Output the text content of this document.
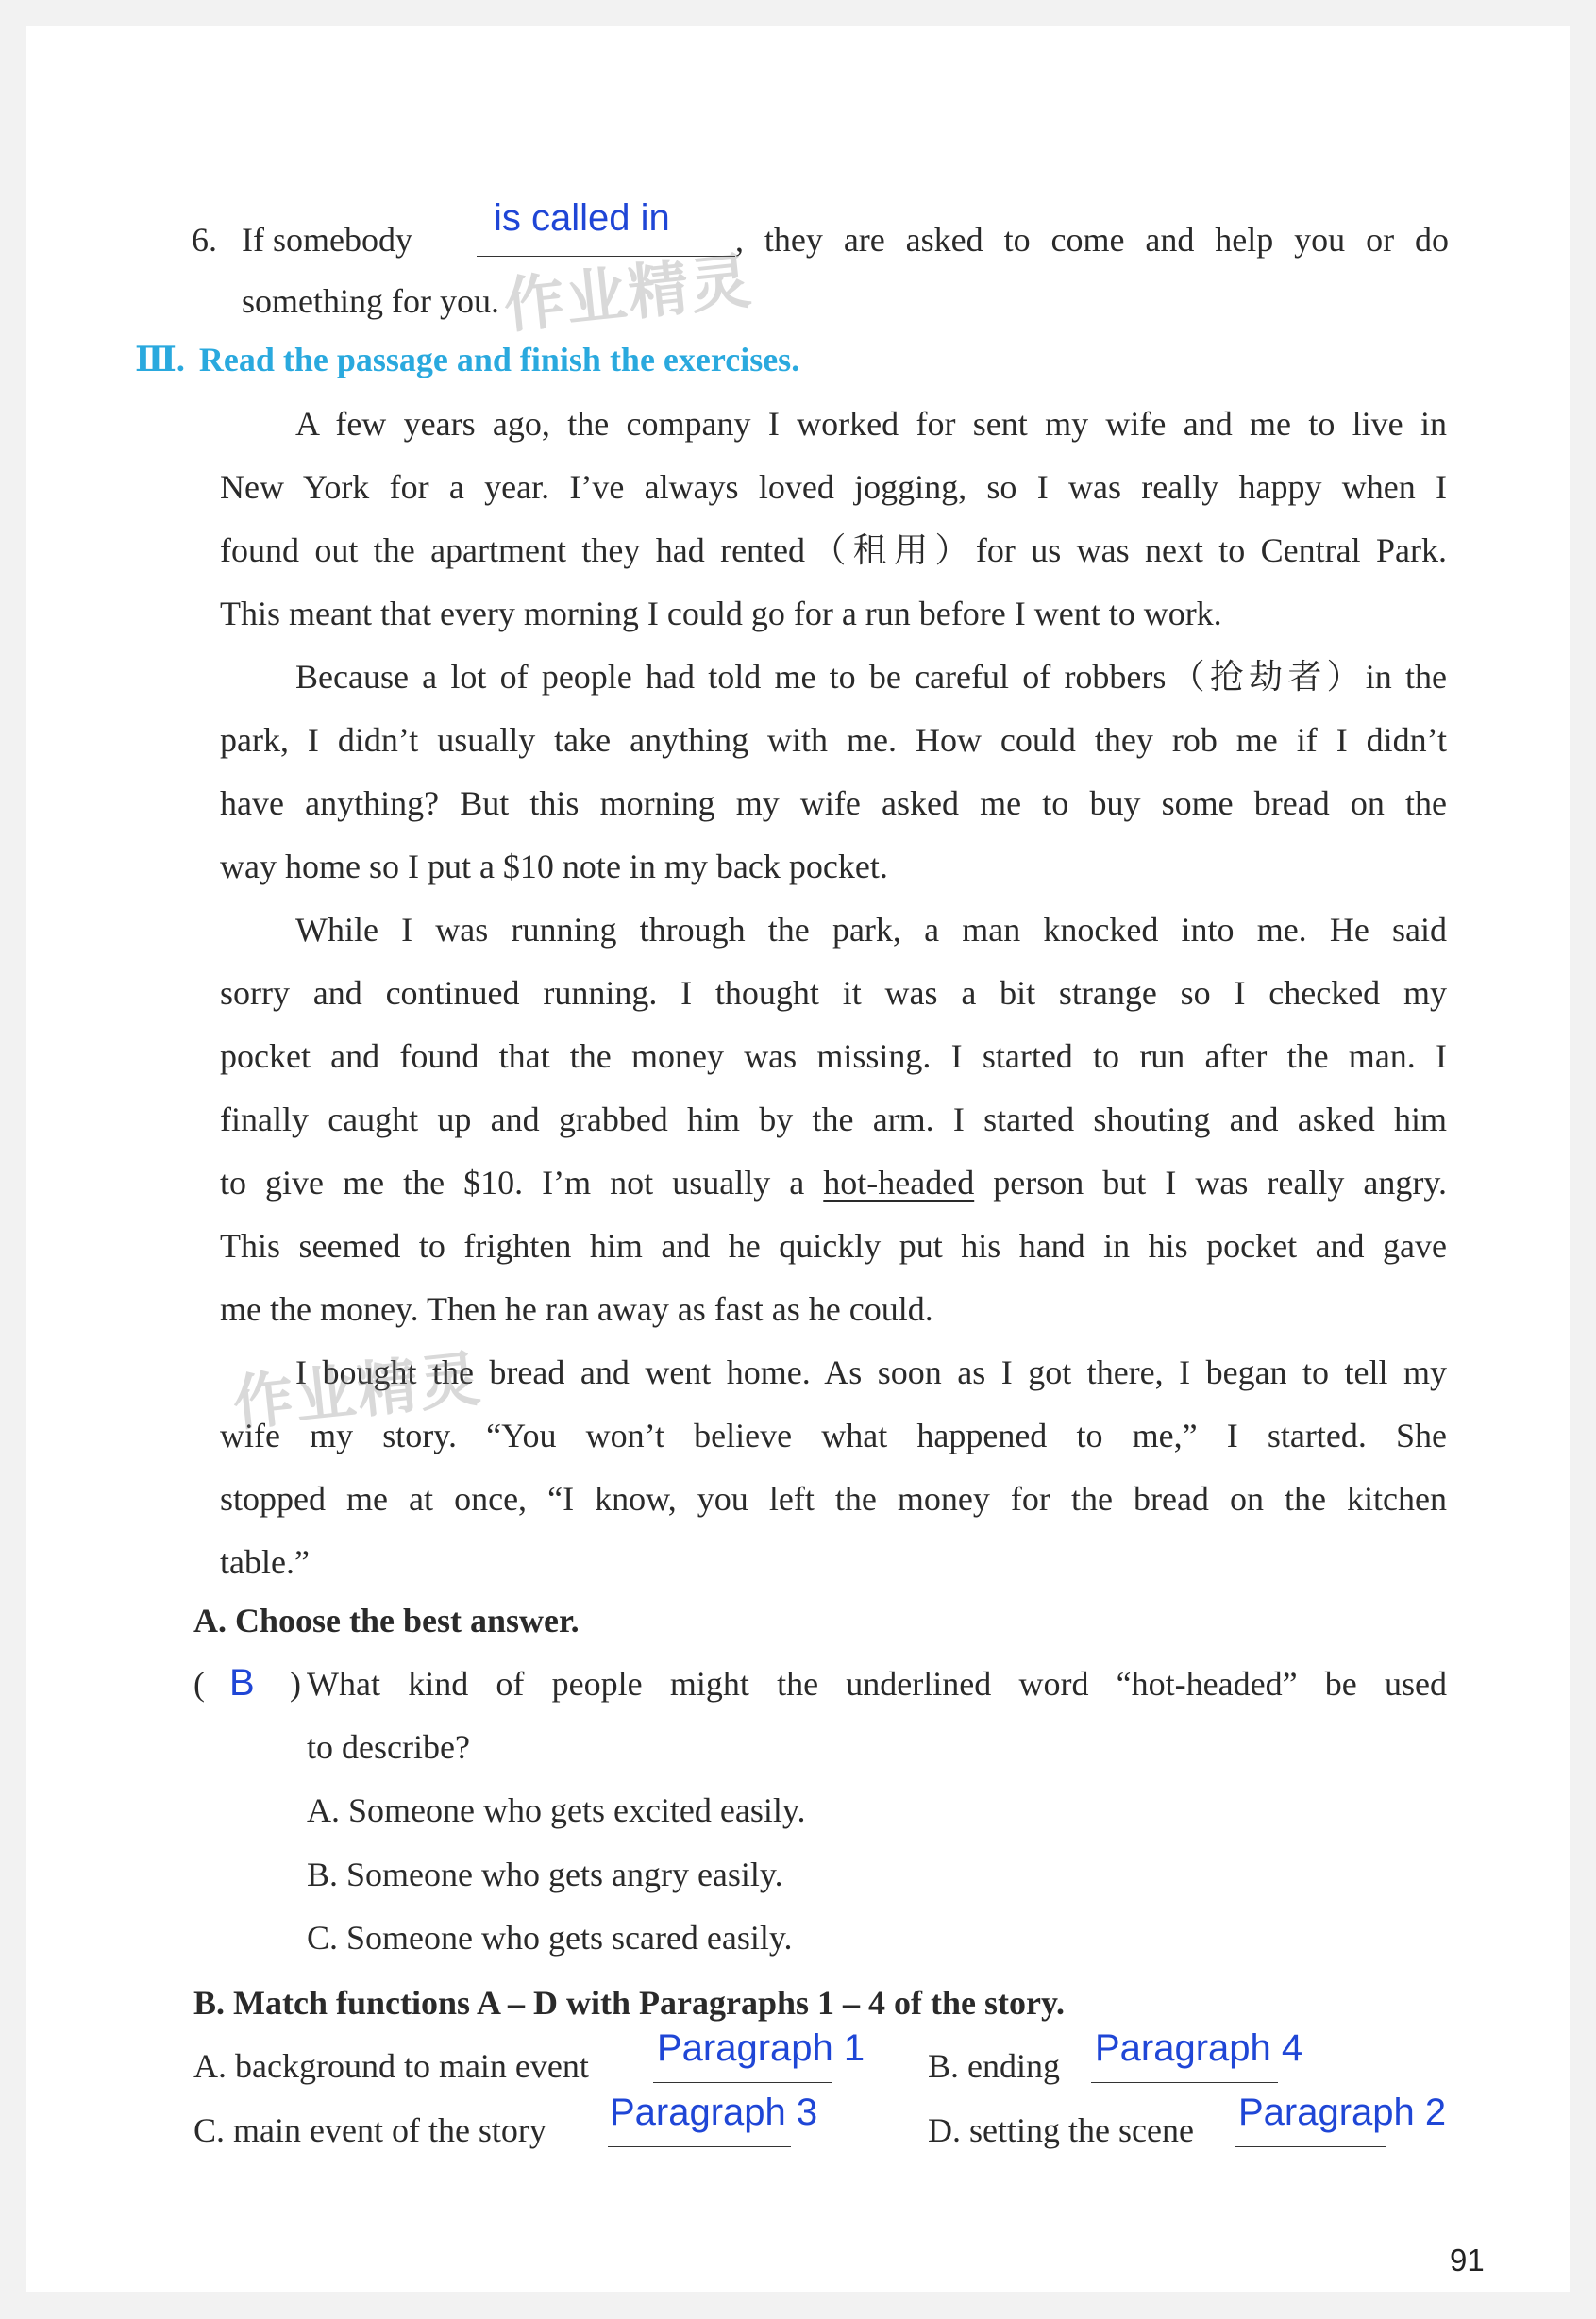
6. If somebody
is called in
, they are asked to come and help you or do
something for you.
Ⅲ. Read the passage and finish the exercises.
A few years ago, the company I worked for sent my wife and me to live in
New York for a year. I’ve always loved jogging, so I was really happy when I
found out the apartment they had rented（租用）for us was next to Central Park.
This meant that every morning I could go for a run before I went to work.
Because a lot of people had told me to be careful of robbers（抢劫者）in the
park, I didn’t usually take anything with me. How could they rob me if I didn’t
have anything? But this morning my wife asked me to buy some bread on the
way home so I put a $10 note in my back pocket.
While I was running through the park, a man knocked into me. He said
sorry and continued running. I thought it was a bit strange so I checked my
pocket and found that the money was missing. I started to run after the man. I
finally caught up and grabbed him by the arm. I started shouting and asked him
to give me the $10. I’m not usually a hot-headed person but I was really angry.
This seemed to frighten him and he quickly put his hand in his pocket and gave
me the money. Then he ran away as fast as he could.
I bought the bread and went home. As soon as I got there, I began to tell my
wife my story. “You won’t believe what happened to me,” I started. She
stopped me at once, “I know, you left the money for the bread on the kitchen
table.”
A. Choose the best answer.
( B ) What kind of people might the underlined word “hot-headed” be used
to describe?
A. Someone who gets excited easily.
B. Someone who gets angry easily.
C. Someone who gets scared easily.
B. Match functions A – D with Paragraphs 1 – 4 of the story.
A. background to main event Paragraph 1 B. ending Paragraph 4
C. main event of the story Paragraph 3	D. setting the scene Paragraph 2
作业精灵
作业精灵
91
